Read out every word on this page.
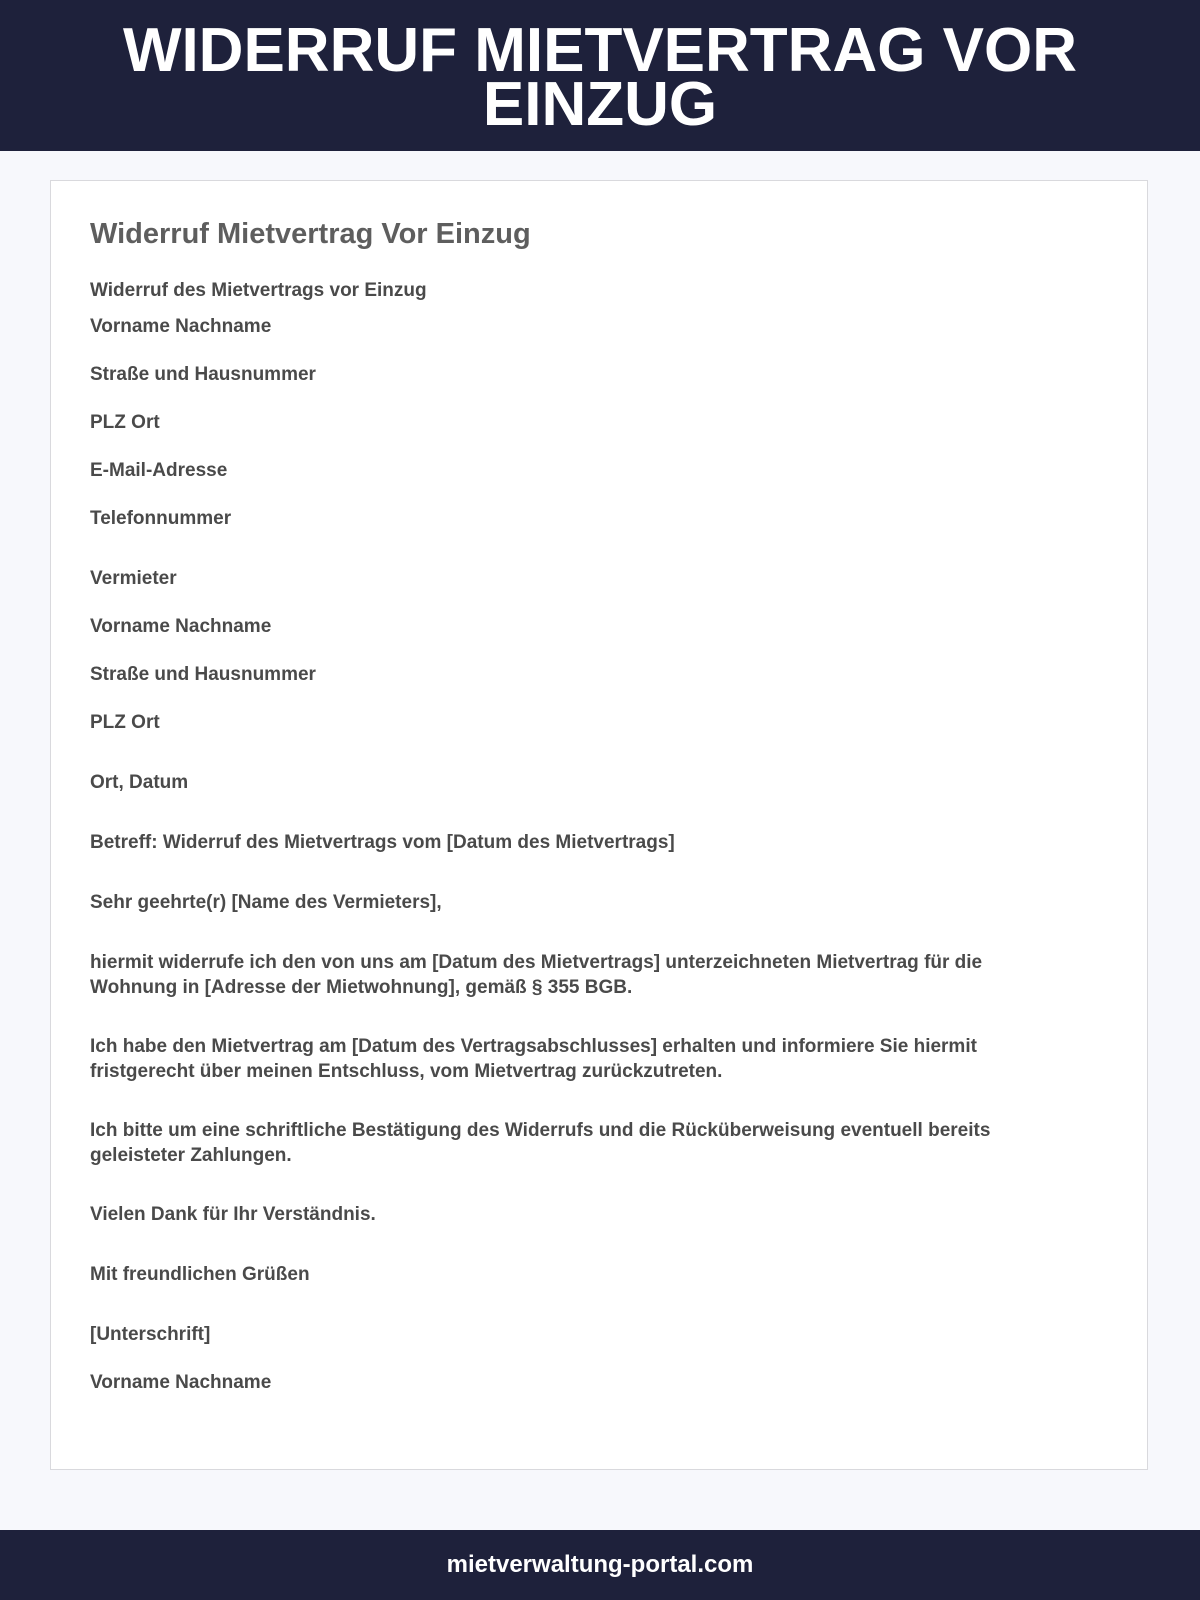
WIDERRUF MIETVERTRAG VOR EINZUG
Widerruf Mietvertrag Vor Einzug

Widerruf des Mietvertrags vor Einzug

Vorname Nachname

Straße und Hausnummer

PLZ Ort

E-Mail-Adresse

Telefonnummer

Vermieter

Vorname Nachname

Straße und Hausnummer

PLZ Ort

Ort, Datum

Betreff: Widerruf des Mietvertrags vom [Datum des Mietvertrags]

Sehr geehrte(r) [Name des Vermieters],

hiermit widerrufe ich den von uns am [Datum des Mietvertrags] unterzeichneten Mietvertrag für die Wohnung in [Adresse der Mietwohnung], gemäß § 355 BGB.

Ich habe den Mietvertrag am [Datum des Vertragsabschlusses] erhalten und informiere Sie hiermit fristgerecht über meinen Entschluss, vom Mietvertrag zurückzutreten.

Ich bitte um eine schriftliche Bestätigung des Widerrufs und die Rücküberweisung eventuell bereits geleisteter Zahlungen.

Vielen Dank für Ihr Verständnis.

Mit freundlichen Grüßen

[Unterschrift]

Vorname Nachname

mietverwaltung-portal.com
